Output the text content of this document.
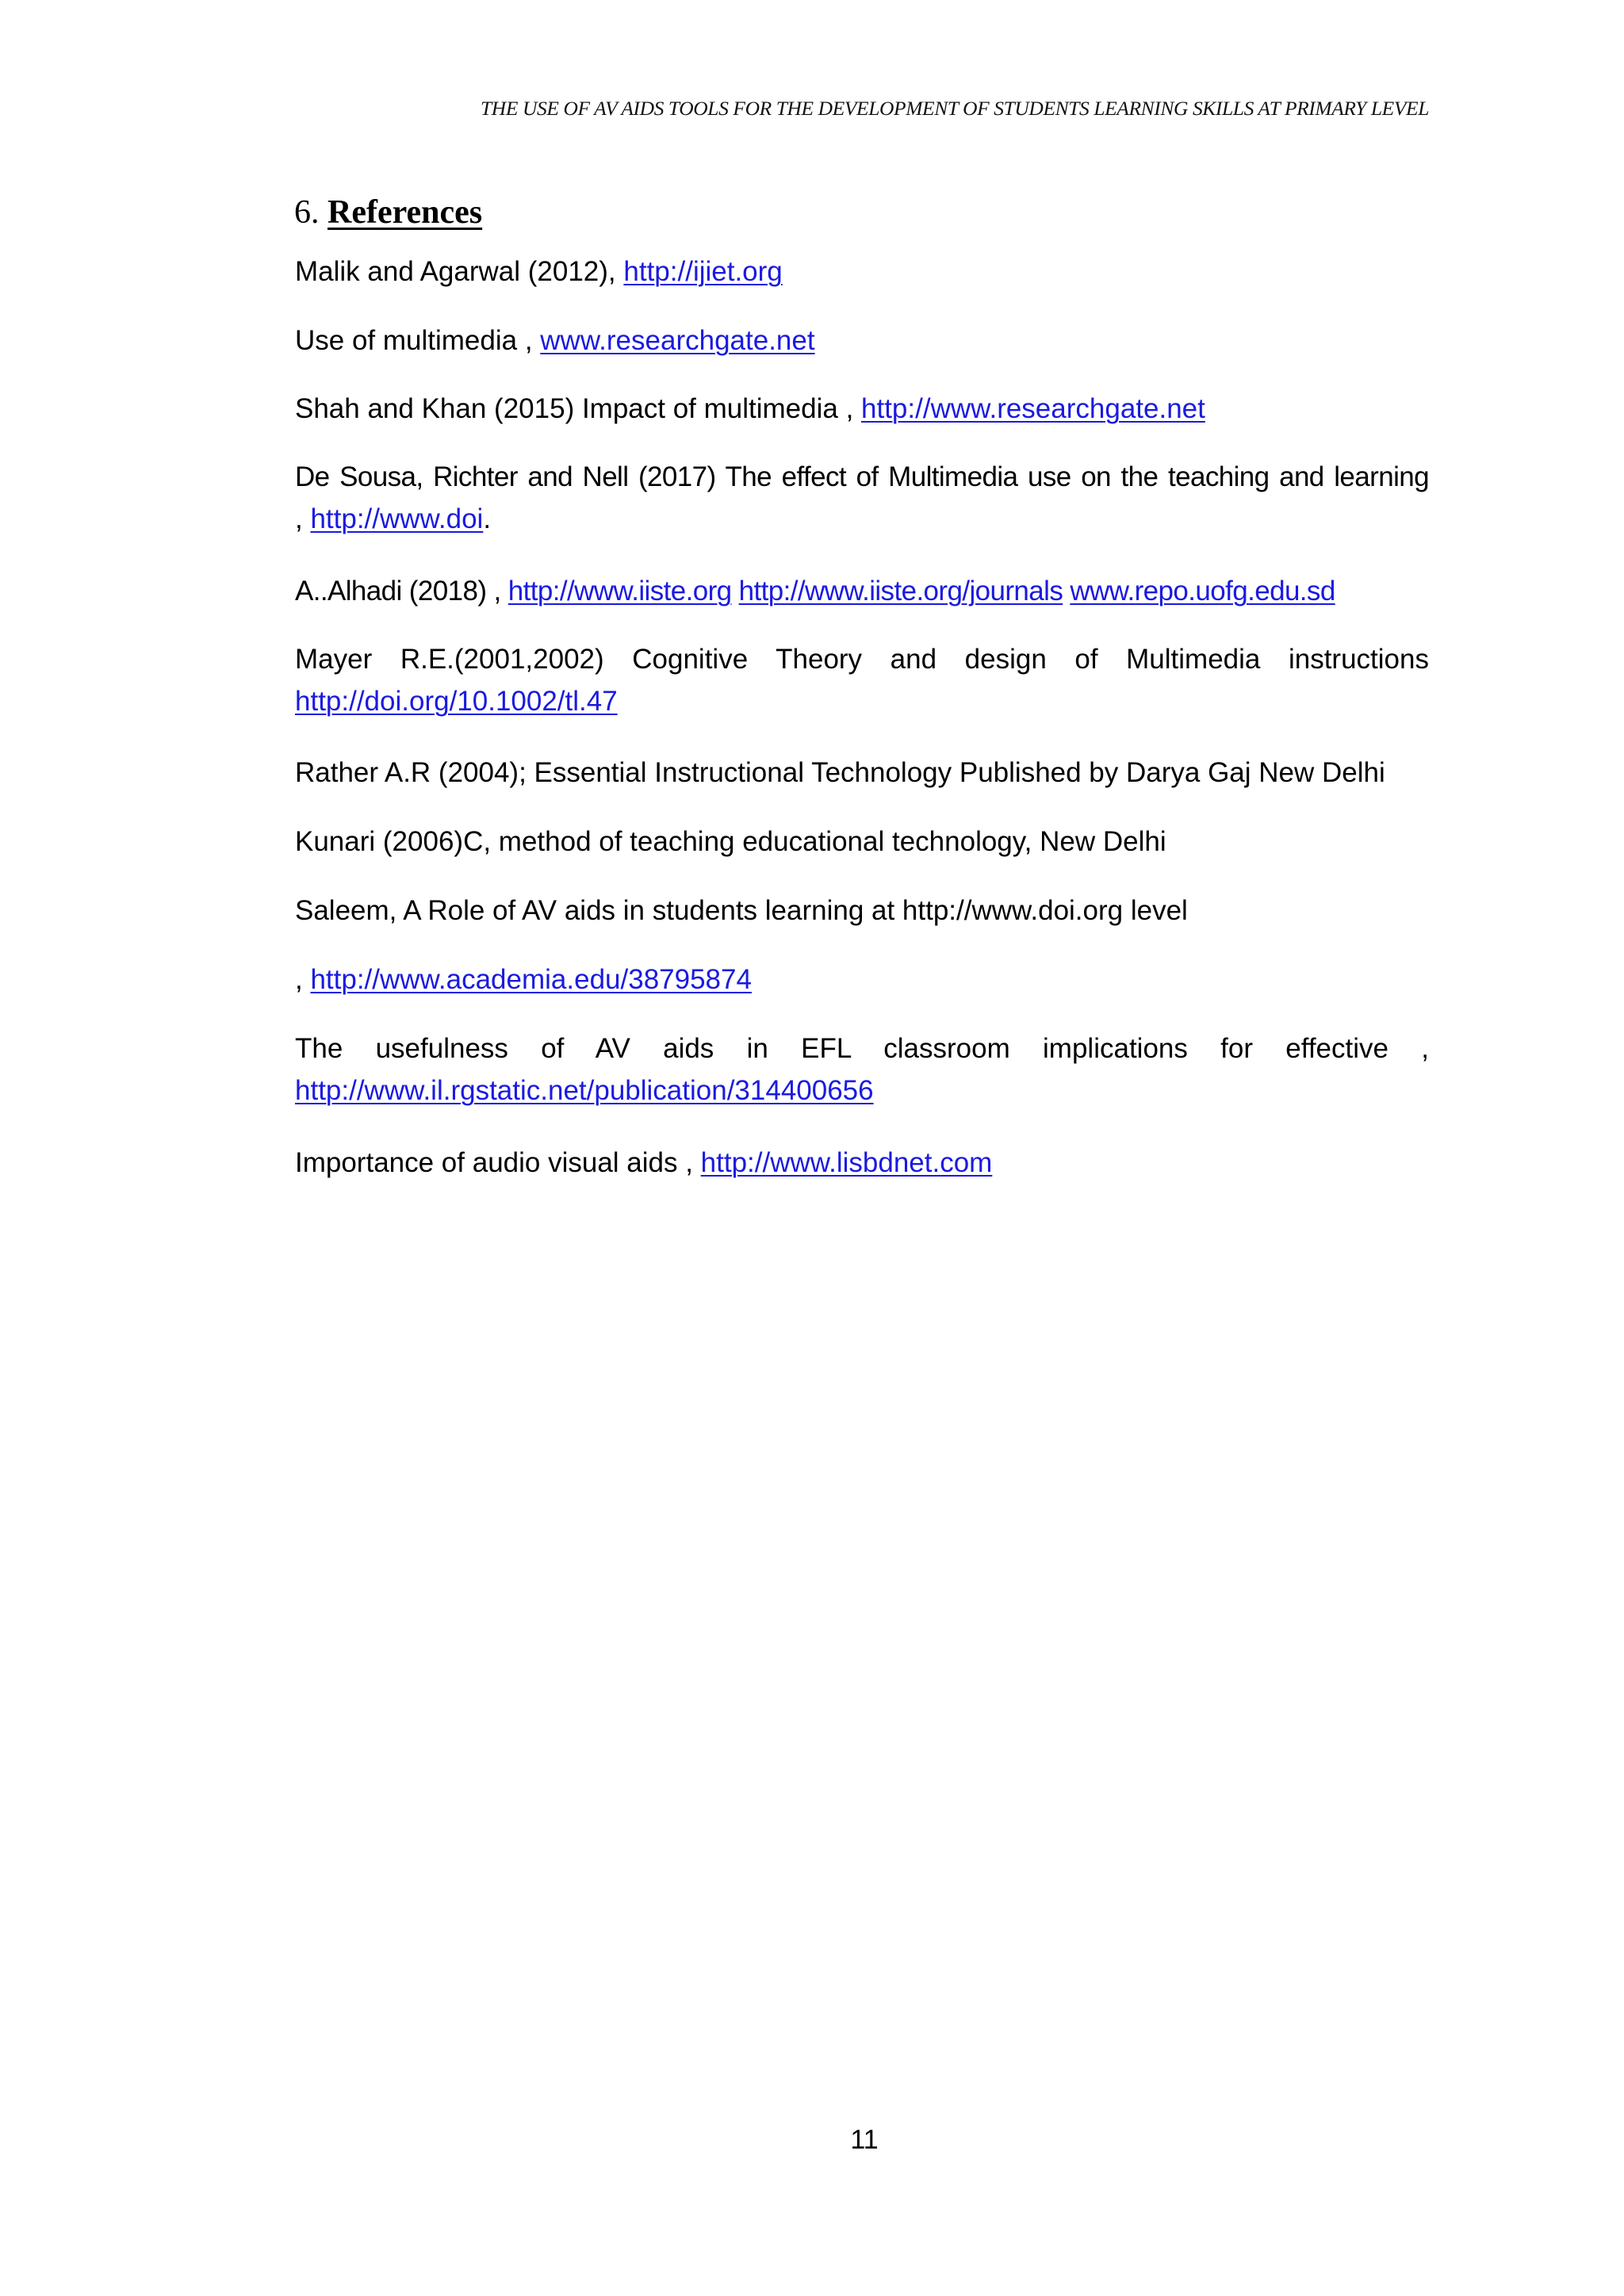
THE USE OF AV AIDS TOOLS FOR THE DEVELOPMENT OF STUDENTS LEARNING SKILLS AT PRIMARY LEVEL
6. References
Malik and Agarwal (2012), http://ijiet.org
Use of multimedia , www.researchgate.net
Shah and Khan (2015) Impact of multimedia , http://www.researchgate.net
De Sousa, Richter and Nell (2017) The effect of Multimedia use on the teaching and learning
, http://www.doi.
A..Alhadi (2018) , http://www.iiste.org http://www.iiste.org/journals www.repo.uofg.edu.sd
Mayer R.E.(2001,2002) Cognitive Theory and design of Multimedia instructions
http://doi.org/10.1002/tl.47
Rather A.R (2004); Essential Instructional Technology Published by Darya Gaj New Delhi
Kunari (2006)C, method of teaching educational technology, New Delhi
Saleem, A Role of AV aids in students learning at http://www.doi.org level
, http://www.academia.edu/38795874
The usefulness of AV aids in EFL classroom implications for effective ,
http://www.il.rgstatic.net/publication/314400656
Importance of audio visual aids , http://www.lisbdnet.com
11
